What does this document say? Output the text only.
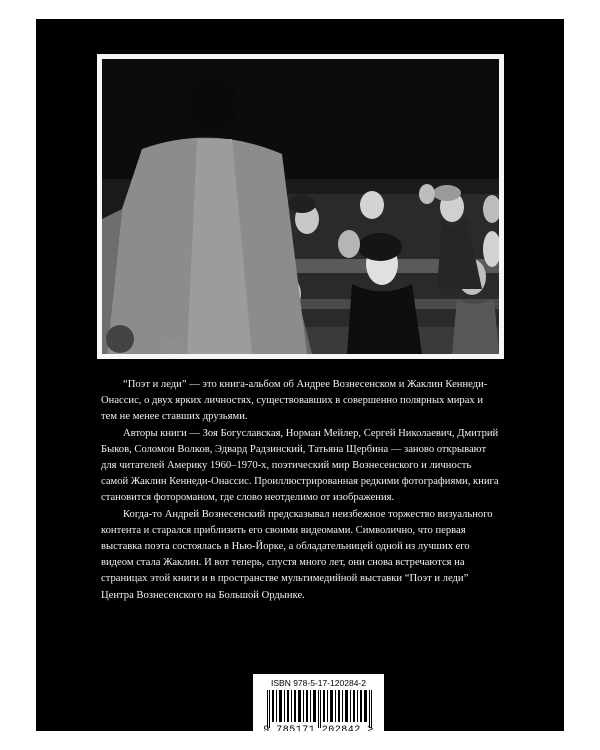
“Поэт и леди” — это книга-альбом об Андрее Вознесенском и Жаклин Кеннеди-Онассис, о двух ярких личностях, существовавших в совершенно полярных мирах и тем не менее ставших друзьями.

Авторы книги — Зоя Богуславская, Норман Мейлер, Сергей Николаевич, Дмитрий Быков, Соломон Волков, Эдвард Радзинский, Татьяна Щербина — заново открывают для читателей Америку 1960–1970-х, поэтический мир Вознесенского и личность самой Жаклин Кеннеди-Онассис. Проиллюстрированная редкими фотографиями, книга становится фотороманом, где слово неотделимо от изображения.

Когда-то Андрей Вознесенский предсказывал неизбежное торжество визуального контента и старался приблизить его своими видеомами. Символично, что первая выставка поэта состоялась в Нью-Йорке, а обладательницей одной из лучших его видеом стала Жаклин. И вот теперь, спустя много лет, они снова встречаются на страницах этой книги и в пространстве мультимедийной выставки “Поэт и леди” Центра Вознесенского на Большой Ордынке.

ISBN 978-5-17-120284-2
9 785171 202842 >
